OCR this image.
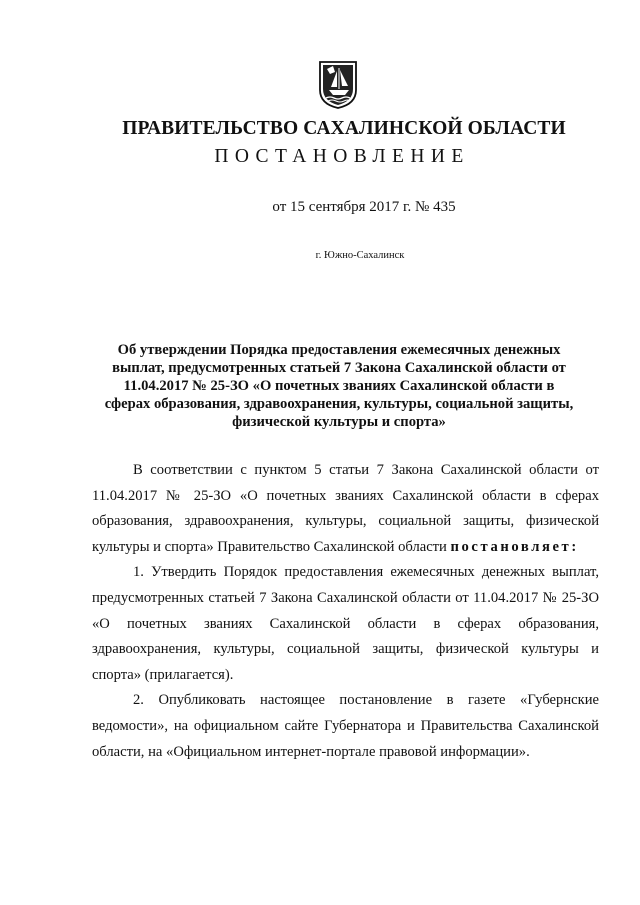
ПРАВИТЕЛЬСТВО САХАЛИНСКОЙ ОБЛАСТИ
ПОСТАНОВЛЕНИЕ
от 15 сентября 2017 г. № 435
г. Южно-Сахалинск
Об утверждении Порядка предоставления ежемесячных денежных выплат, предусмотренных статьей 7 Закона Сахалинской области от 11.04.2017 № 25-ЗО «О почетных званиях Сахалинской области в сферах образования, здравоохранения, культуры, социальной защиты, физической культуры и спорта»

В соответствии с пунктом 5 статьи 7 Закона Сахалинской области от 11.04.2017 № 25-ЗО «О почетных званиях Сахалинской области в сферах образования, здравоохранения, культуры, социальной защиты, физической культуры и спорта» Правительство Сахалинской области постановляет:

1. Утвердить Порядок предоставления ежемесячных денежных выплат, предусмотренных статьей 7 Закона Сахалинской области от 11.04.2017 № 25-ЗО «О почетных званиях Сахалинской области в сферах образования, здравоохранения, культуры, социальной защиты, физической культуры и спорта» (прилагается).

2. Опубликовать настоящее постановление в газете «Губернские ведомости», на официальном сайте Губернатора и Правительства Сахалинской области, на «Официальном интернет-портале правовой информации».
